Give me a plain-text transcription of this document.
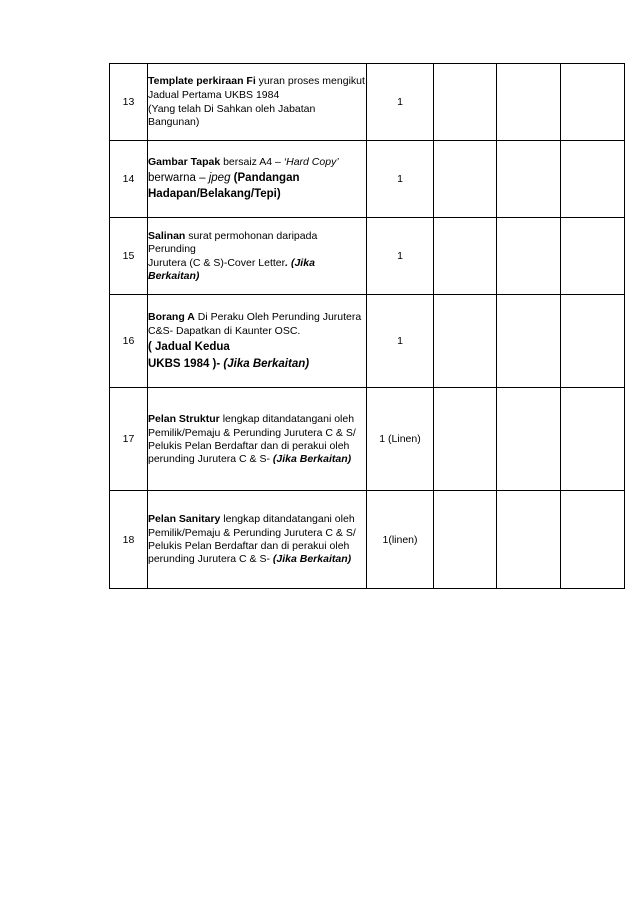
13	Template perkiraan Fi yuran proses mengikut

Jadual Pertama UKBS 1984

(Yang telah Di Sahkan oleh Jabatan Bangunan)	1			
14	Gambar Tapak bersaiz A4 – ‘Hard Copy’

berwarna – jpeg (Pandangan Hadapan/Belakang/Tepi)	1			
15	Salinan surat permohonan daripada Perunding

Jurutera (C & S)-Cover Letter. (Jika Berkaitan)	1			
16	Borang A Di Peraku Oleh Perunding Jurutera

C&S- Dapatkan di Kaunter OSC.

( Jadual Kedua

UKBS 1984 )- (Jika Berkaitan)	1			
17	Pelan Struktur lengkap ditandatangani oleh

Pemilik/Pemaju & Perunding Jurutera C & S/ Pelukis Pelan Berdaftar dan di perakui oleh perunding Jurutera C & S- (Jika Berkaitan)	1 (Linen)			
18	Pelan Sanitary lengkap ditandatangani oleh

Pemilik/Pemaju & Perunding Jurutera C & S/ Pelukis Pelan Berdaftar dan di perakui oleh perunding Jurutera C & S- (Jika Berkaitan)	1(linen)			
